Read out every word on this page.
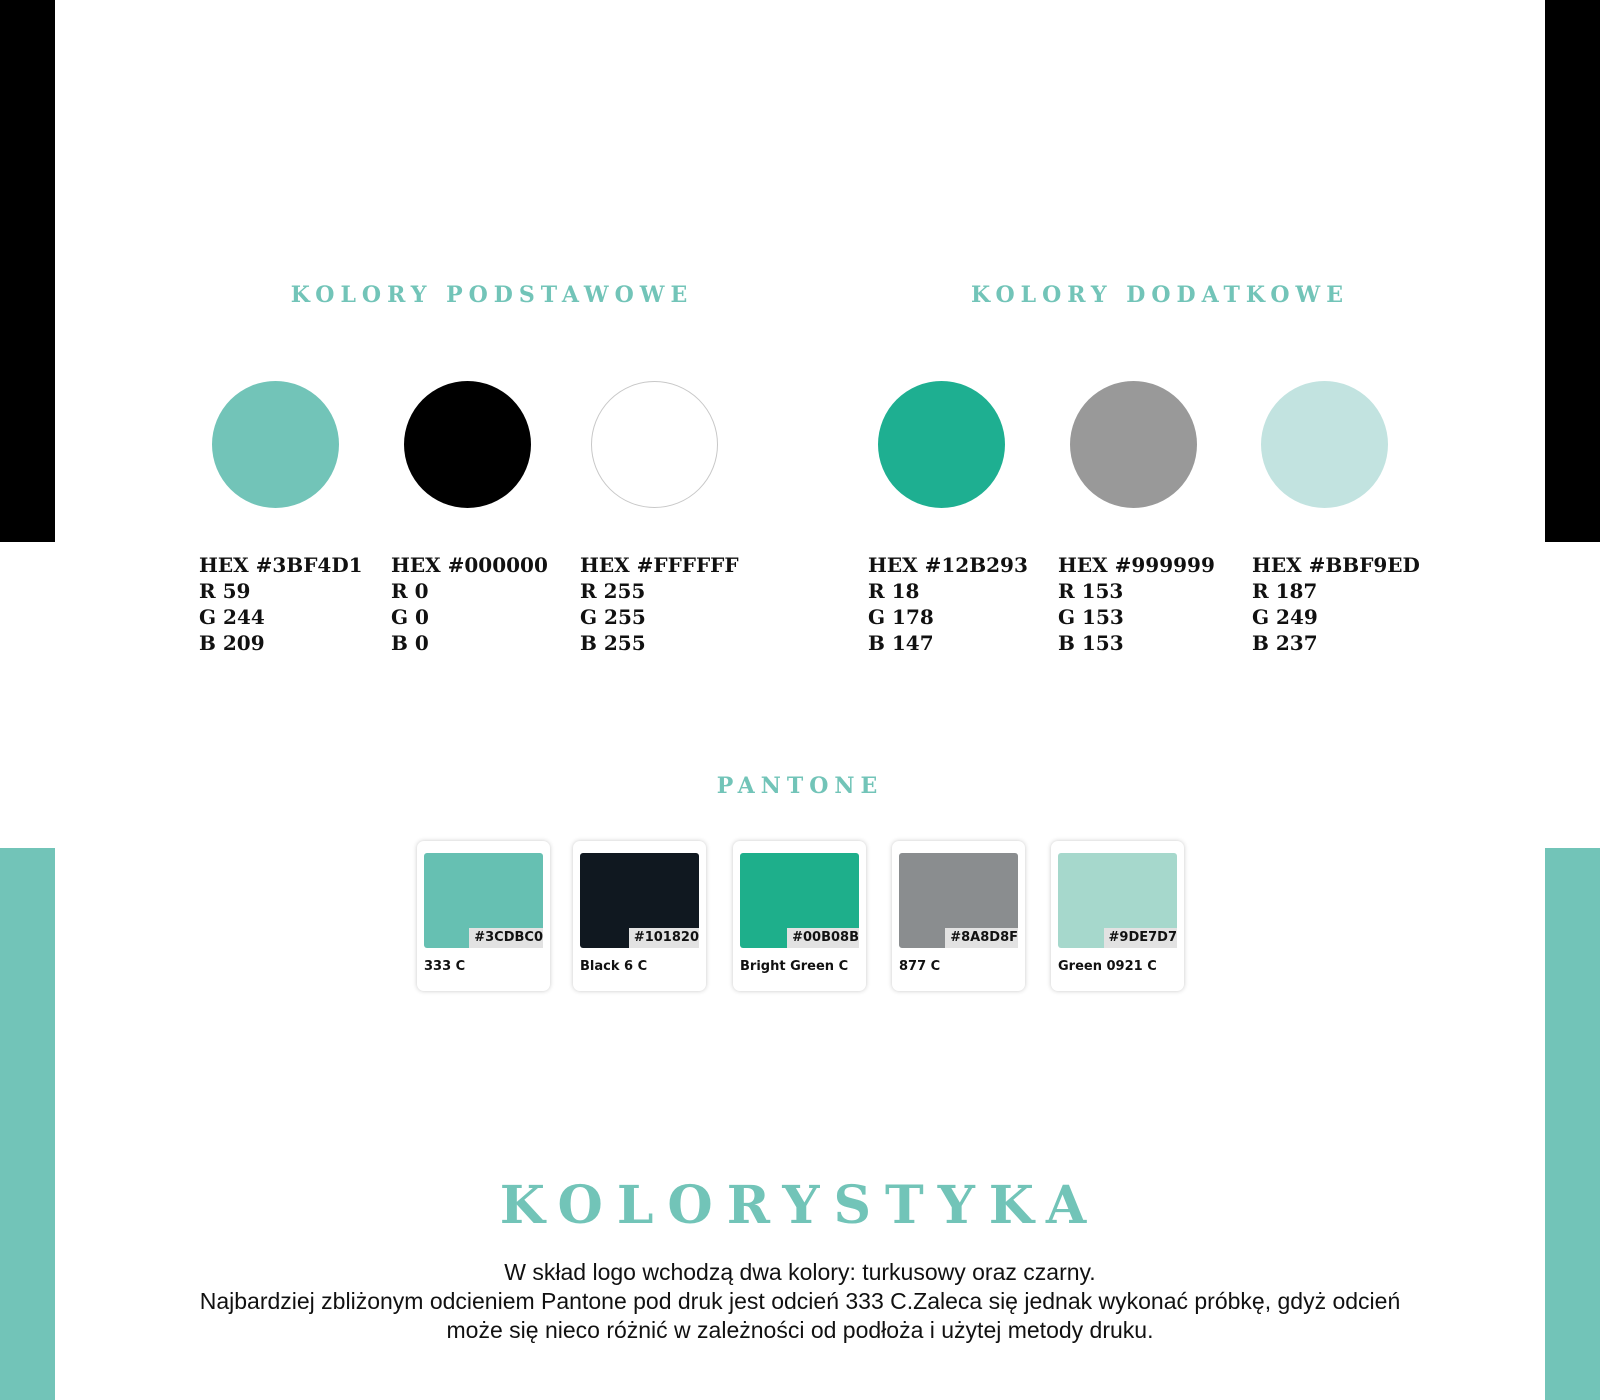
KOLORY PODSTAWOWE	KOLORY DODATKOWE
HEX #3BF4D1
R 59
G 244
B 209
HEX #000000
R 0
G 0
B 0
HEX #FFFFFF
R 255
G 255
B 255
HEX #12B293
R 18
G 178
B 147
HEX #999999
R 153
G 153
B 153
HEX #BBF9ED
R 187
G 249
B 237
PANTONE
#3CDBC0
333 C
#101820
Black 6 C
#00B08B
Bright Green C
#8A8D8F
877 C
#9DE7D7
Green 0921 C
KOLORYSTYKA
W skład logo wchodzą dwa kolory: turkusowy oraz czarny.
Najbardziej zbliżonym odcieniem Pantone pod druk jest odcień 333 C.Zaleca się jednak wykonać próbkę, gdyż odcień
może się nieco różnić w zależności od podłoża i użytej metody druku.
